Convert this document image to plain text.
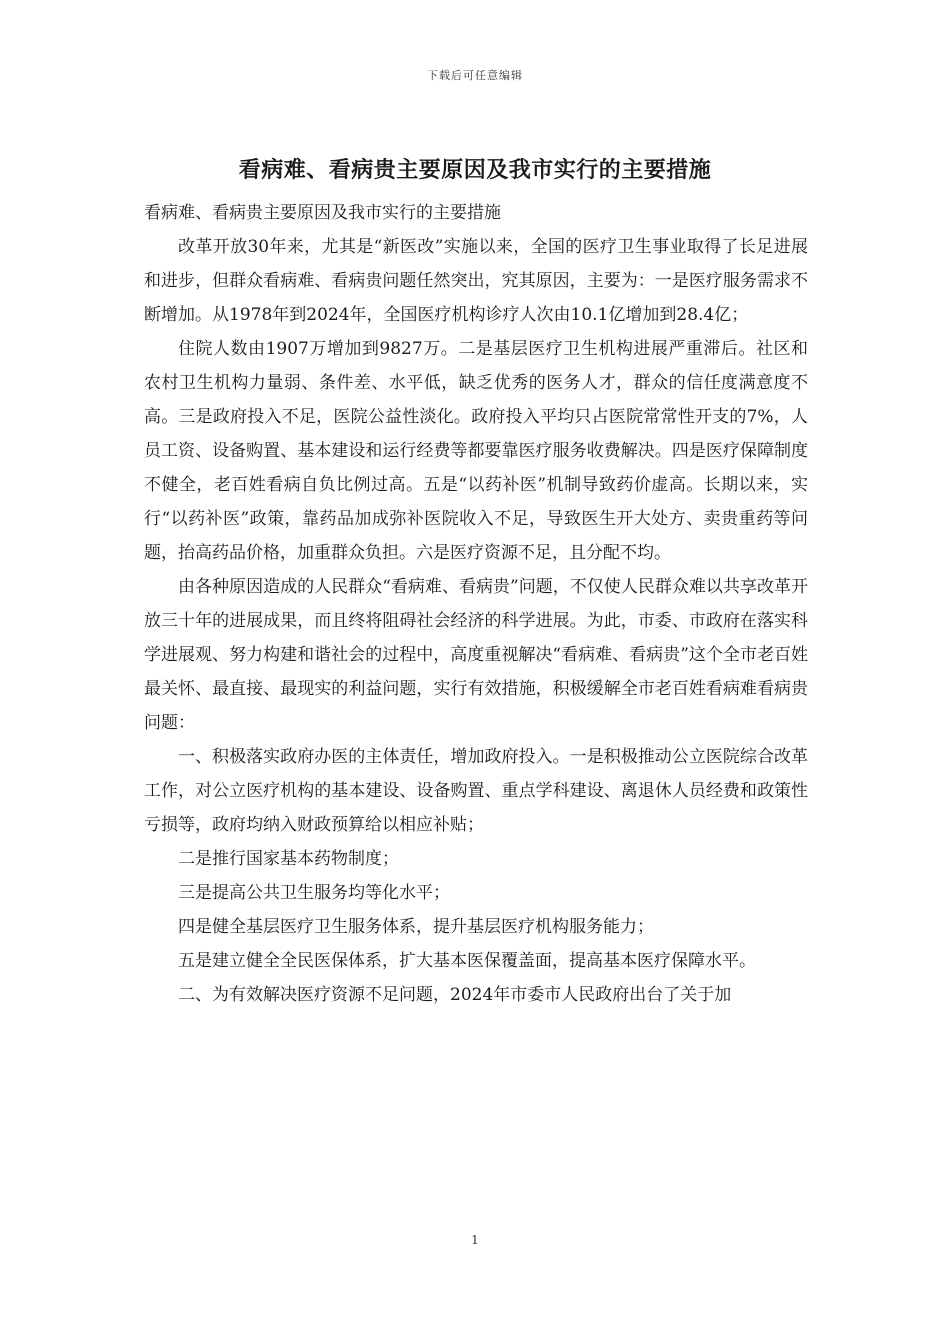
下载后可任意编辑
看病难、看病贵主要原因及我市实行的主要措施

看病难、看病贵主要原因及我市实行的主要措施

改革开放30年来，尤其是“新医改”实施以来，全国的医疗卫生事业取得了长足进展和进步，但群众看病难、看病贵问题任然突出，究其原因，主要为：一是医疗服务需求不断增加。从1978年到2024年，全国医疗机构诊疗人次由10.1亿增加到28.4亿；

住院人数由1907万增加到9827万。二是基层医疗卫生机构进展严重滞后。社区和农村卫生机构力量弱、条件差、水平低，缺乏优秀的医务人才，群众的信任度满意度不高。三是政府投入不足，医院公益性淡化。政府投入平均只占医院常常性开支的7%，人员工资、设备购置、基本建设和运行经费等都要靠医疗服务收费解决。四是医疗保障制度不健全，老百姓看病自负比例过高。五是“以药补医”机制导致药价虚高。长期以来，实行“以药补医”政策，靠药品加成弥补医院收入不足，导致医生开大处方、卖贵重药等问题，抬高药品价格，加重群众负担。六是医疗资源不足，且分配不均。

由各种原因造成的人民群众“看病难、看病贵”问题，不仅使人民群众难以共享改革开放三十年的进展成果，而且终将阻碍社会经济的科学进展。为此，市委、市政府在落实科学进展观、努力构建和谐社会的过程中，高度重视解决“看病难、看病贵”这个全市老百姓最关怀、最直接、最现实的利益问题，实行有效措施，积极缓解全市老百姓看病难看病贵问题：

一、积极落实政府办医的主体责任，增加政府投入。一是积极推动公立医院综合改革工作，对公立医疗机构的基本建设、设备购置、重点学科建设、离退休人员经费和政策性亏损等，政府均纳入财政预算给以相应补贴；

二是推行国家基本药物制度；

三是提高公共卫生服务均等化水平；

四是健全基层医疗卫生服务体系，提升基层医疗机构服务能力；

五是建立健全全民医保体系，扩大基本医保覆盖面，提高基本医疗保障水平。

二、为有效解决医疗资源不足问题，2024年市委市人民政府出台了关于加

1
